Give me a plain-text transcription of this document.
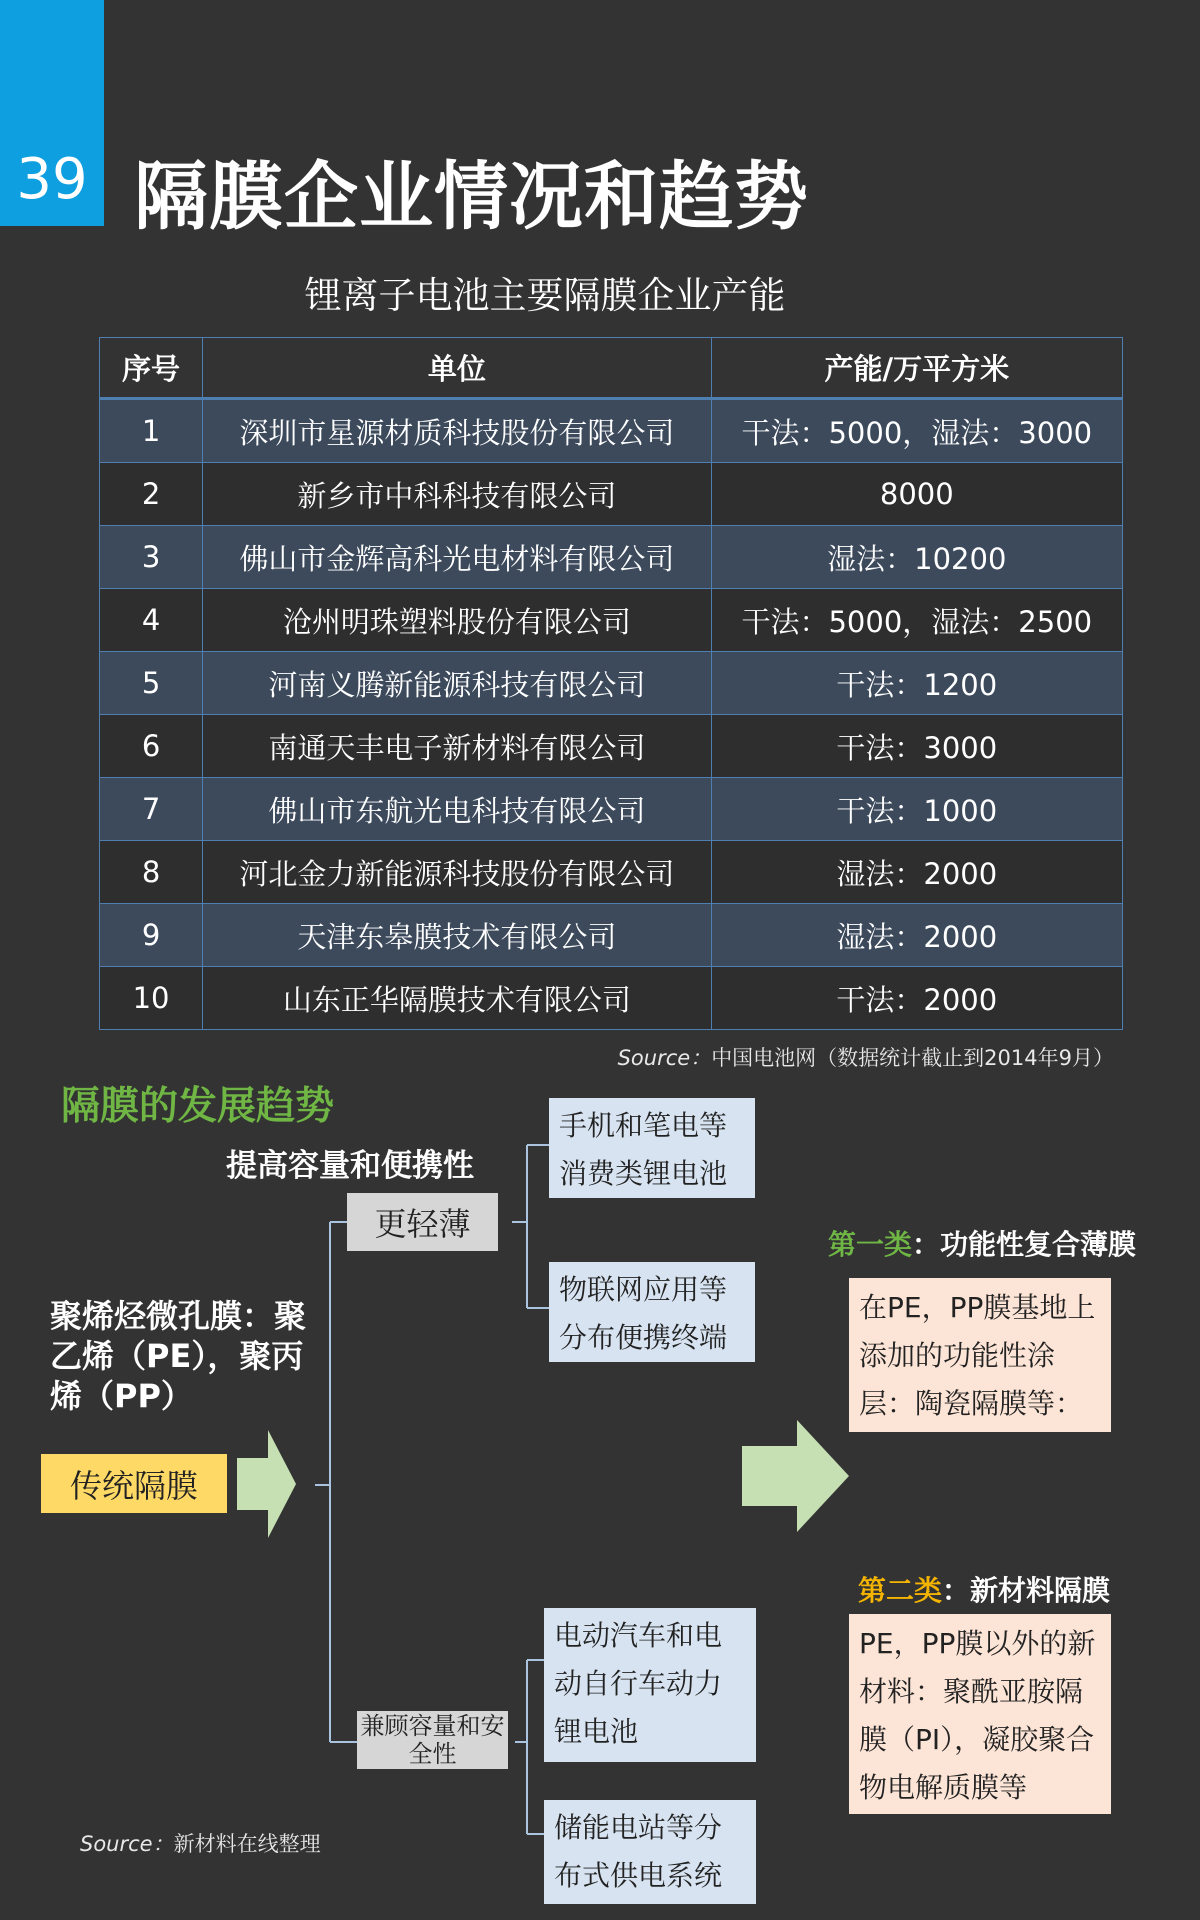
39 隔膜企业情况和趋势
锂离子电池主要隔膜企业产能
序号	单位	产能/万平方米
1	深圳市星源材质科技股份有限公司	干法：5000，湿法：3000
2	新乡市中科科技有限公司	8000
3	佛山市金辉高科光电材料有限公司	湿法：10200
4	沧州明珠塑料股份有限公司	干法：5000，湿法：2500
5	河南义腾新能源科技有限公司	干法：1200
6	南通天丰电子新材料有限公司	干法：3000
7	佛山市东航光电科技有限公司	干法：1000
8	河北金力新能源科技股份有限公司	湿法：2000
9	天津东皋膜技术有限公司	湿法：2000
10	山东正华隔膜技术有限公司	干法：2000
Source：中国电池网（数据统计截止到2014年9月）
隔膜的发展趋势
提高容量和便携性
聚烯烃微孔膜：聚乙烯（PE），聚丙烯（PP）
传统隔膜
更轻薄
兼顾容量和安全性
手机和笔电等消费类锂电池
物联网应用等分布便携终端
电动汽车和电动自行车动力锂电池
储能电站等分布式供电系统
第一类：功能性复合薄膜
在PE，PP膜基地上添加的功能性涂层：陶瓷隔膜等：
第二类：新材料隔膜
PE，PP膜以外的新材料：聚酰亚胺隔膜（PI），凝胶聚合物电解质膜等
Source：新材料在线整理
